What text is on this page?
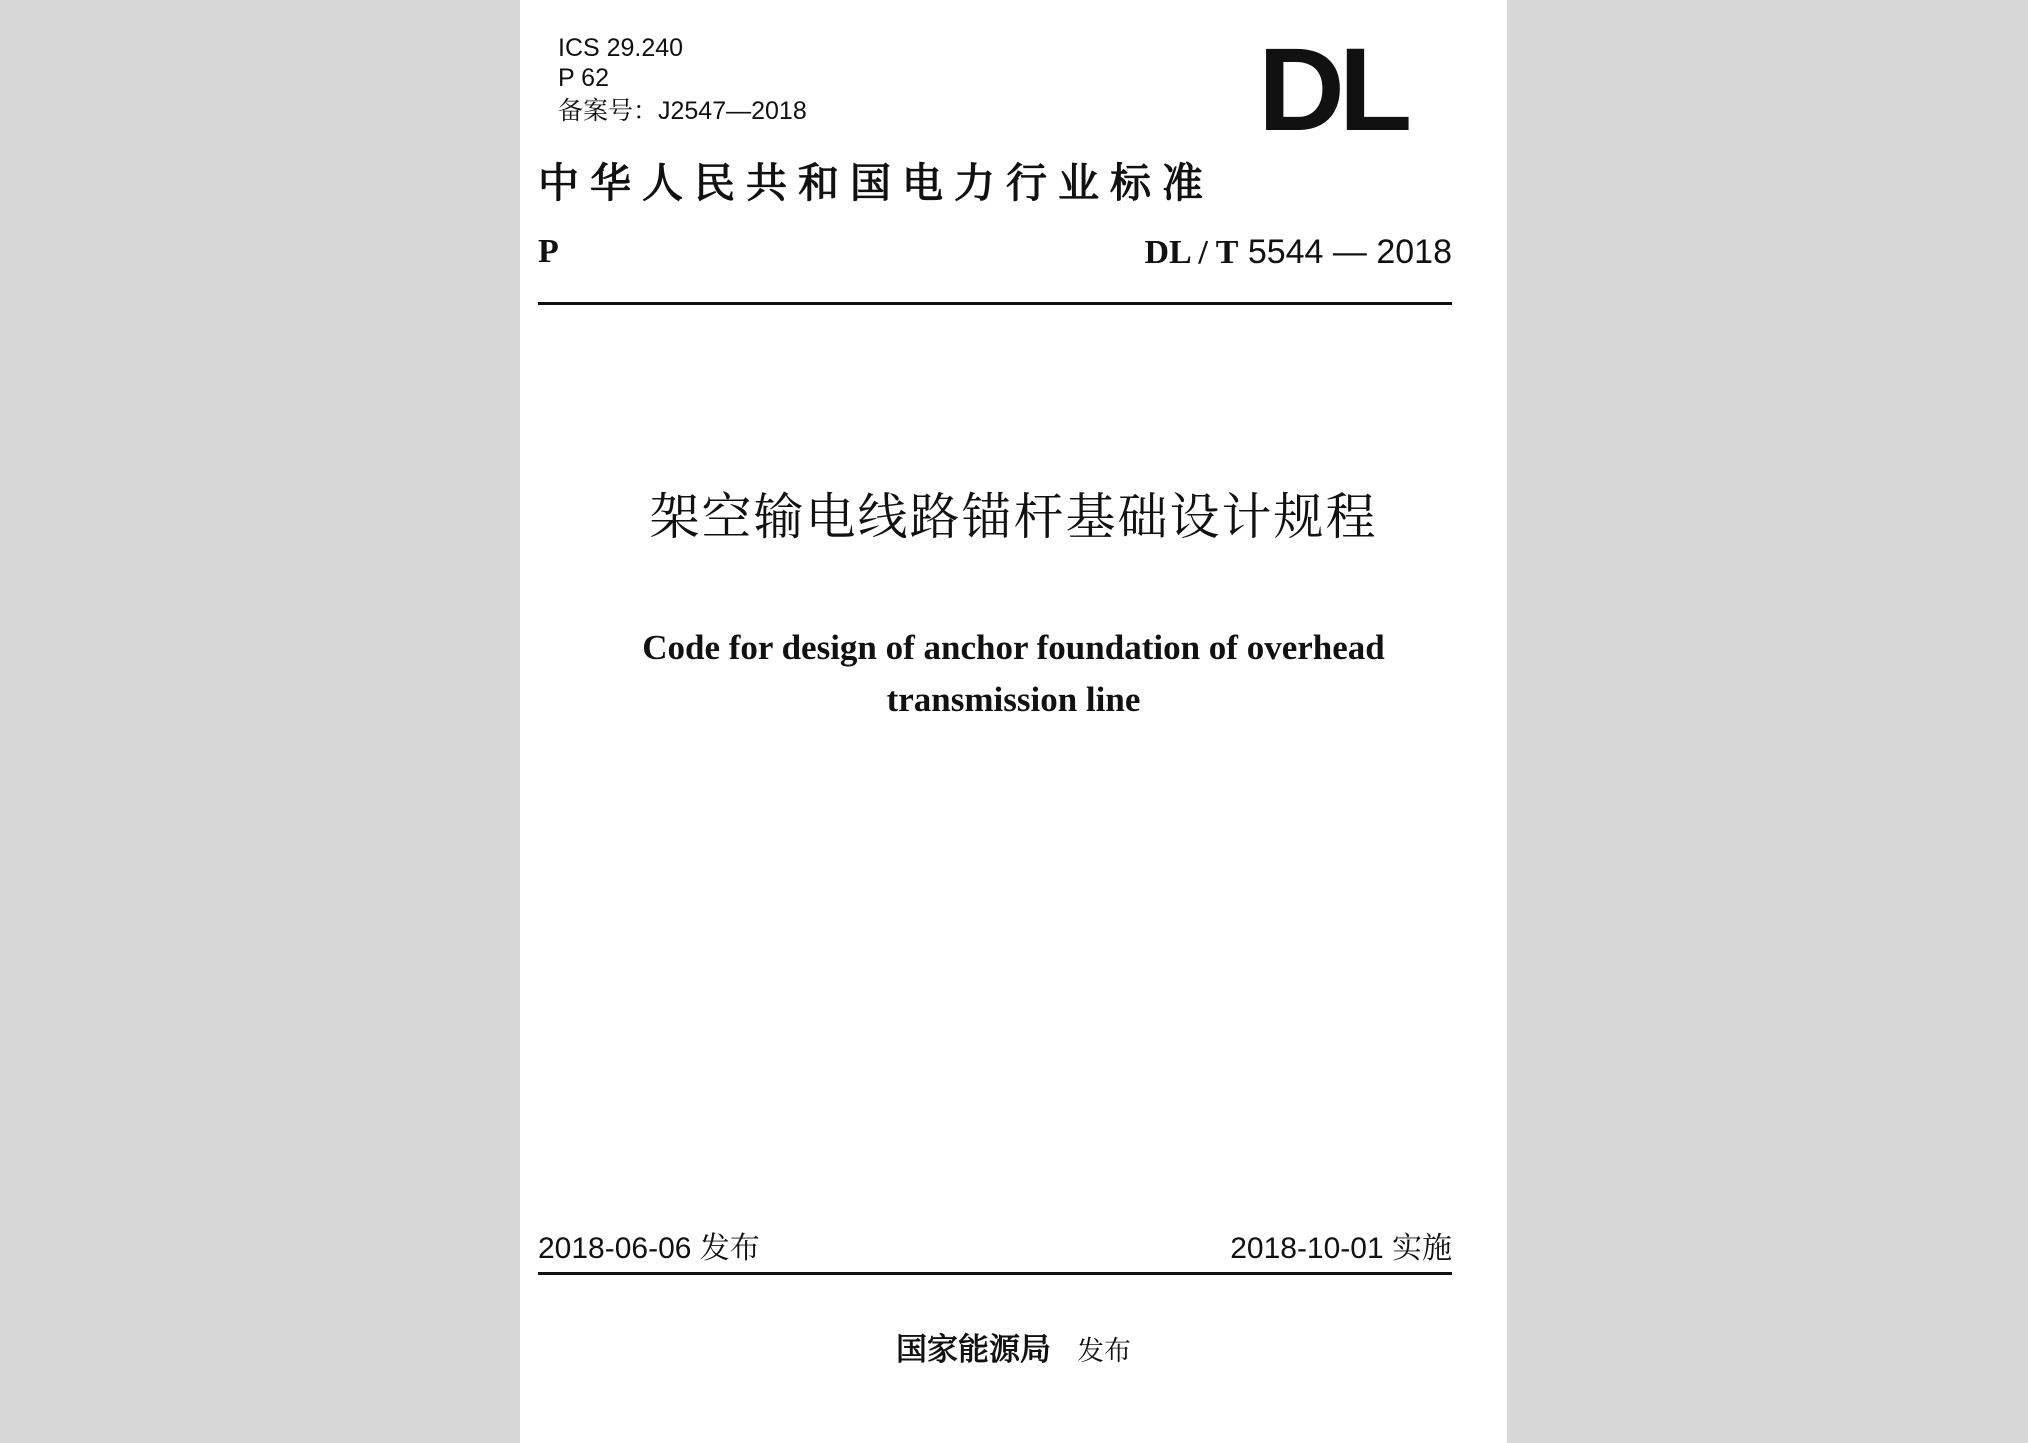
ICS 29.240
P 62
备案号：J2547—2018	DL
中华人民共和国电力行业标准
P	DL / T 5544 — 2018
架空输电线路锚杆基础设计规程
Code for design of anchor foundation of overhead
transmission line
2018-06-06 发布	2018-10-01 实施
国家能源局 发布
